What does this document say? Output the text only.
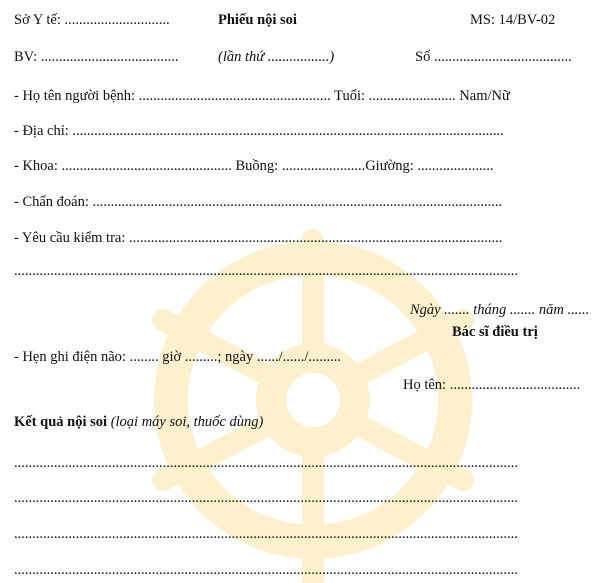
Sở Y tế: .............................	Phiếu nội soi	MS: 14/BV-02
BV: ......................................	(lần thứ .................)	Số ......................................
- Họ tên người bệnh: ..................................................... Tuổi: ........................ Nam/Nữ
- Địa chỉ: .......................................................................................................................
- Khoa: ............................................... Buồng: .......................Giường: .....................
- Chẩn đoán: .................................................................................................................
- Yêu cầu kiểm tra: .......................................................................................................
...........................................................................................................................................
Ngày ....... tháng ....... năm ......
Bác sĩ điều trị
- Hẹn ghi điện não: ........ giờ .........; ngày ....../....../.........
Họ tên: ....................................
Kết quả nội soi (loại máy soi, thuốc dùng)
...........................................................................................................................................
...........................................................................................................................................
...........................................................................................................................................
...........................................................................................................................................
